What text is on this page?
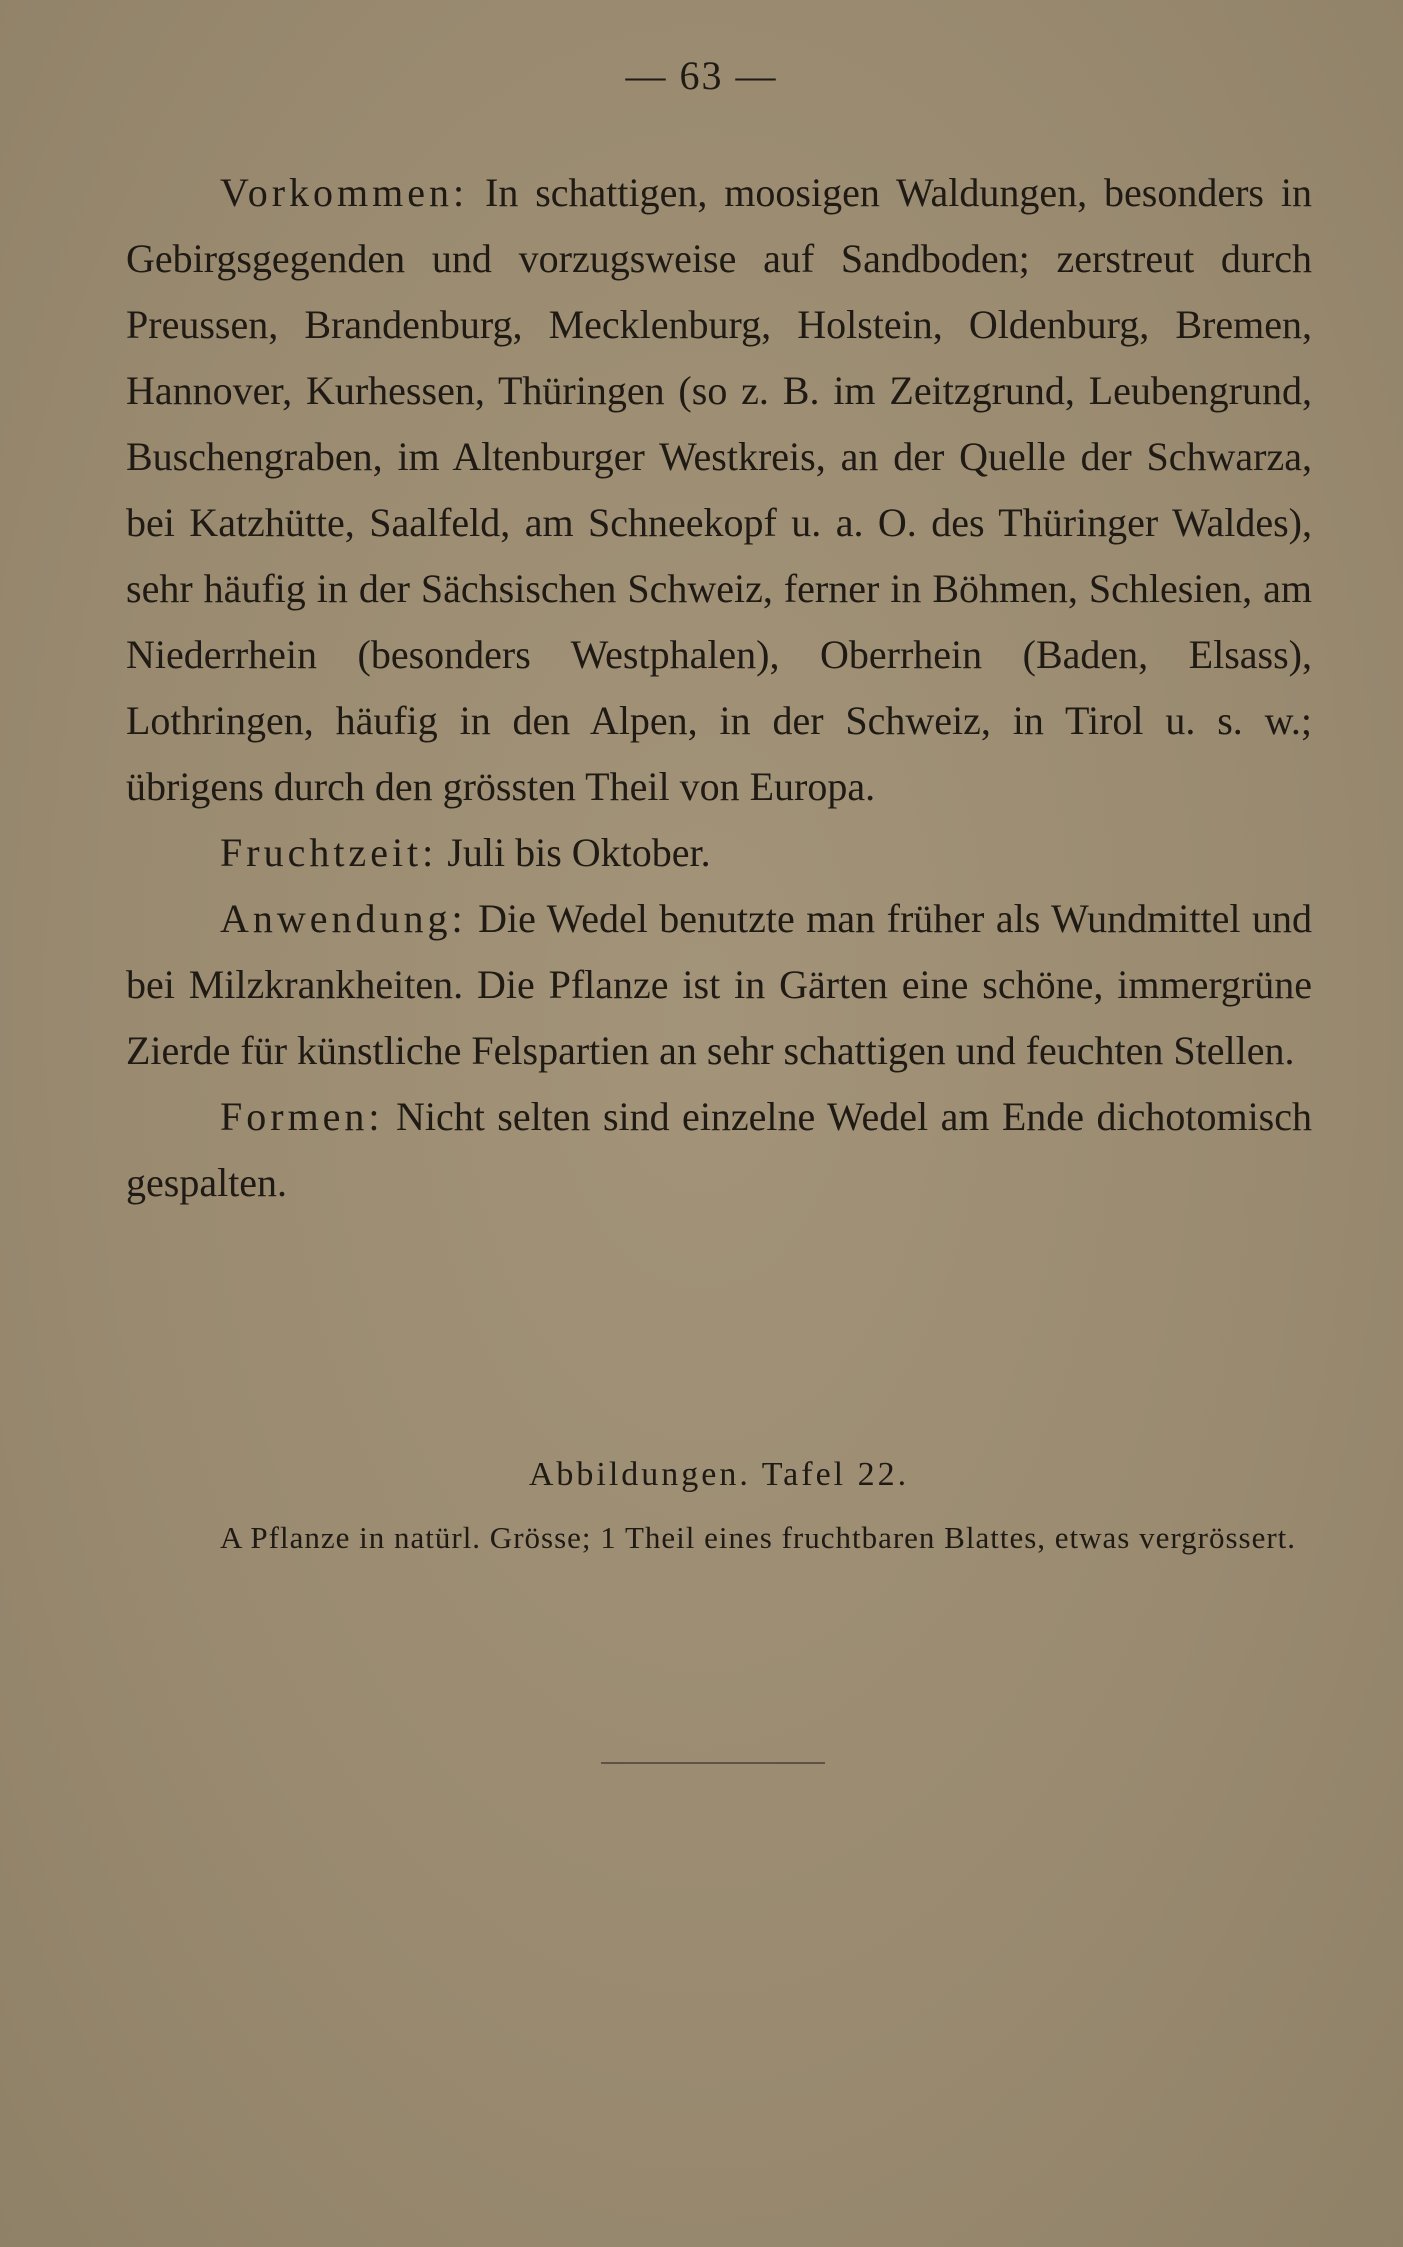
— 63 —

Vorkommen: In schattigen, moosigen Waldungen, besonders in Gebirgsgegenden und vorzugsweise auf Sandboden; zerstreut durch Preussen, Brandenburg, Mecklenburg, Holstein, Oldenburg, Bremen, Hannover, Kurhessen, Thüringen (so z. B. im Zeitzgrund, Leubengrund, Buschengraben, im Altenburger Westkreis, an der Quelle der Schwarza, bei Katzhütte, Saalfeld, am Schneekopf u. a. O. des Thüringer Waldes), sehr häufig in der Sächsischen Schweiz, ferner in Böhmen, Schlesien, am Niederrhein (besonders Westphalen), Oberrhein (Baden, Elsass), Lothringen, häufig in den Alpen, in der Schweiz, in Tirol u. s. w.; übrigens durch den grössten Theil von Europa.

Fruchtzeit: Juli bis Oktober.

Anwendung: Die Wedel benutzte man früher als Wundmittel und bei Milzkrankheiten. Die Pflanze ist in Gärten eine schöne, immergrüne Zierde für künstliche Felspartien an sehr schattigen und feuchten Stellen.

Formen: Nicht selten sind einzelne Wedel am Ende dichotomisch gespalten.

Abbildungen. Tafel 22.

A Pflanze in natürl. Grösse; 1 Theil eines fruchtbaren Blattes, etwas vergrössert.
